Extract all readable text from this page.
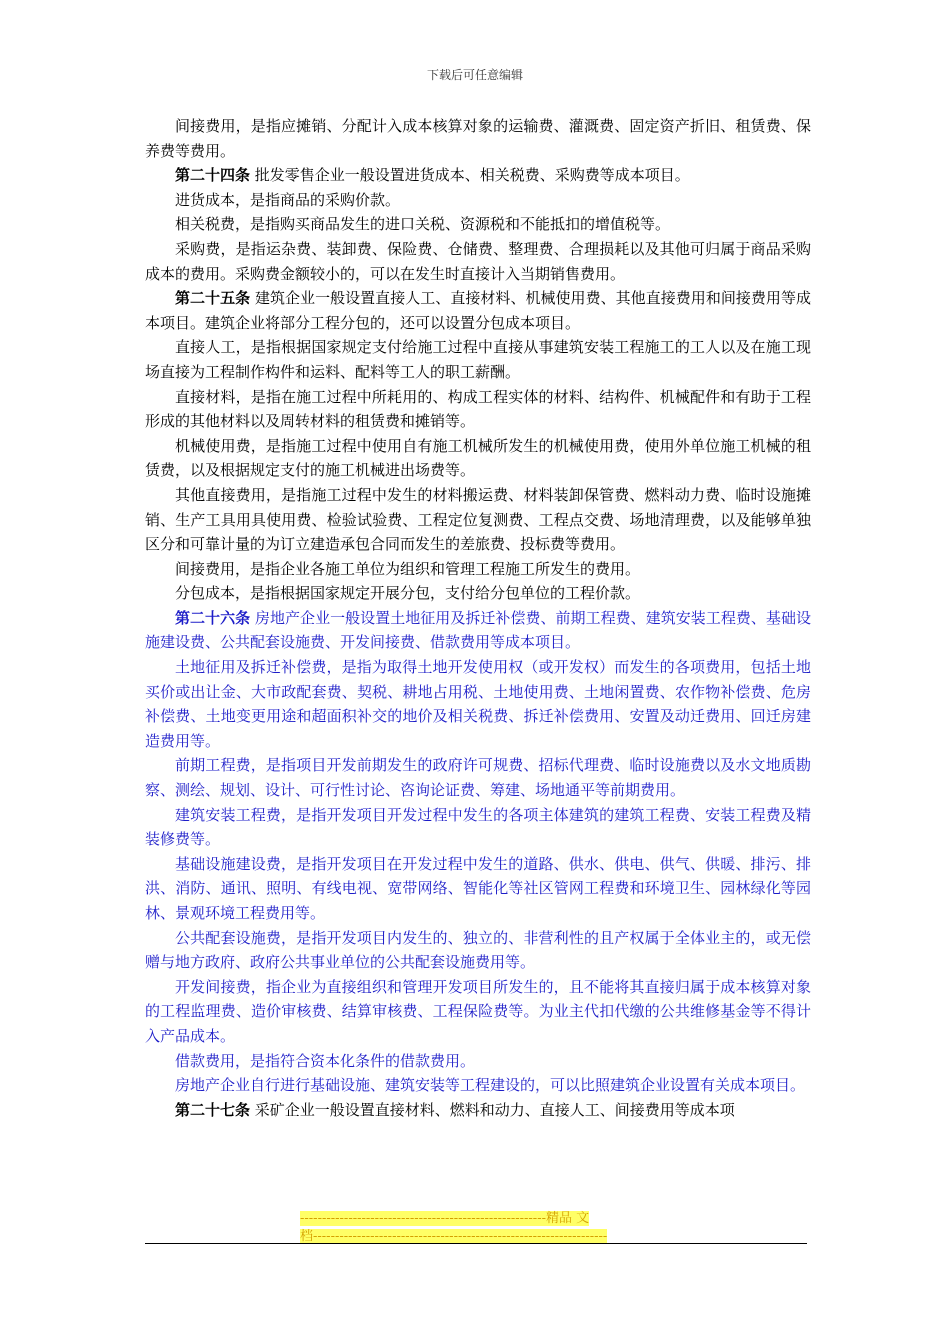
下载后可任意编辑

间接费用，是指应摊销、分配计入成本核算对象的运输费、灌溉费、固定资产折旧、租赁费、保养费等费用。

第二十四条 批发零售企业一般设置进货成本、相关税费、采购费等成本项目。

进货成本，是指商品的采购价款。

相关税费，是指购买商品发生的进口关税、资源税和不能抵扣的增值税等。

采购费，是指运杂费、装卸费、保险费、仓储费、整理费、合理损耗以及其他可归属于商品采购成本的费用。采购费金额较小的，可以在发生时直接计入当期销售费用。

第二十五条 建筑企业一般设置直接人工、直接材料、机械使用费、其他直接费用和间接费用等成本项目。建筑企业将部分工程分包的，还可以设置分包成本项目。

直接人工，是指根据国家规定支付给施工过程中直接从事建筑安装工程施工的工人以及在施工现场直接为工程制作构件和运料、配料等工人的职工薪酬。

直接材料，是指在施工过程中所耗用的、构成工程实体的材料、结构件、机械配件和有助于工程形成的其他材料以及周转材料的租赁费和摊销等。

机械使用费，是指施工过程中使用自有施工机械所发生的机械使用费，使用外单位施工机械的租赁费，以及根据规定支付的施工机械进出场费等。

其他直接费用，是指施工过程中发生的材料搬运费、材料装卸保管费、燃料动力费、临时设施摊销、生产工具用具使用费、检验试验费、工程定位复测费、工程点交费、场地清理费，以及能够单独区分和可靠计量的为订立建造承包合同而发生的差旅费、投标费等费用。

间接费用，是指企业各施工单位为组织和管理工程施工所发生的费用。

分包成本，是指根据国家规定开展分包，支付给分包单位的工程价款。

第二十六条 房地产企业一般设置土地征用及拆迁补偿费、前期工程费、建筑安装工程费、基础设施建设费、公共配套设施费、开发间接费、借款费用等成本项目。

土地征用及拆迁补偿费，是指为取得土地开发使用权（或开发权）而发生的各项费用，包括土地买价或出让金、大市政配套费、契税、耕地占用税、土地使用费、土地闲置费、农作物补偿费、危房补偿费、土地变更用途和超面积补交的地价及相关税费、拆迁补偿费用、安置及动迁费用、回迁房建造费用等。

前期工程费，是指项目开发前期发生的政府许可规费、招标代理费、临时设施费以及水文地质勘察、测绘、规划、设计、可行性讨论、咨询论证费、筹建、场地通平等前期费用。

建筑安装工程费，是指开发项目开发过程中发生的各项主体建筑的建筑工程费、安装工程费及精装修费等。

基础设施建设费，是指开发项目在开发过程中发生的道路、供水、供电、供气、供暖、排污、排洪、消防、通讯、照明、有线电视、宽带网络、智能化等社区管网工程费和环境卫生、园林绿化等园林、景观环境工程费用等。

公共配套设施费，是指开发项目内发生的、独立的、非营利性的且产权属于全体业主的，或无偿赠与地方政府、政府公共事业单位的公共配套设施费用等。

开发间接费，指企业为直接组织和管理开发项目所发生的，且不能将其直接归属于成本核算对象的工程监理费、造价审核费、结算审核费、工程保险费等。为业主代扣代缴的公共维修基金等不得计入产品成本。

借款费用，是指符合资本化条件的借款费用。

房地产企业自行进行基础设施、建筑安装等工程建设的，可以比照建筑企业设置有关成本项目。

第二十七条 采矿企业一般设置直接材料、燃料和动力、直接人工、间接费用等成本项

--------------------------------------------------------精品 文
档-------------------------------------------------------------------
